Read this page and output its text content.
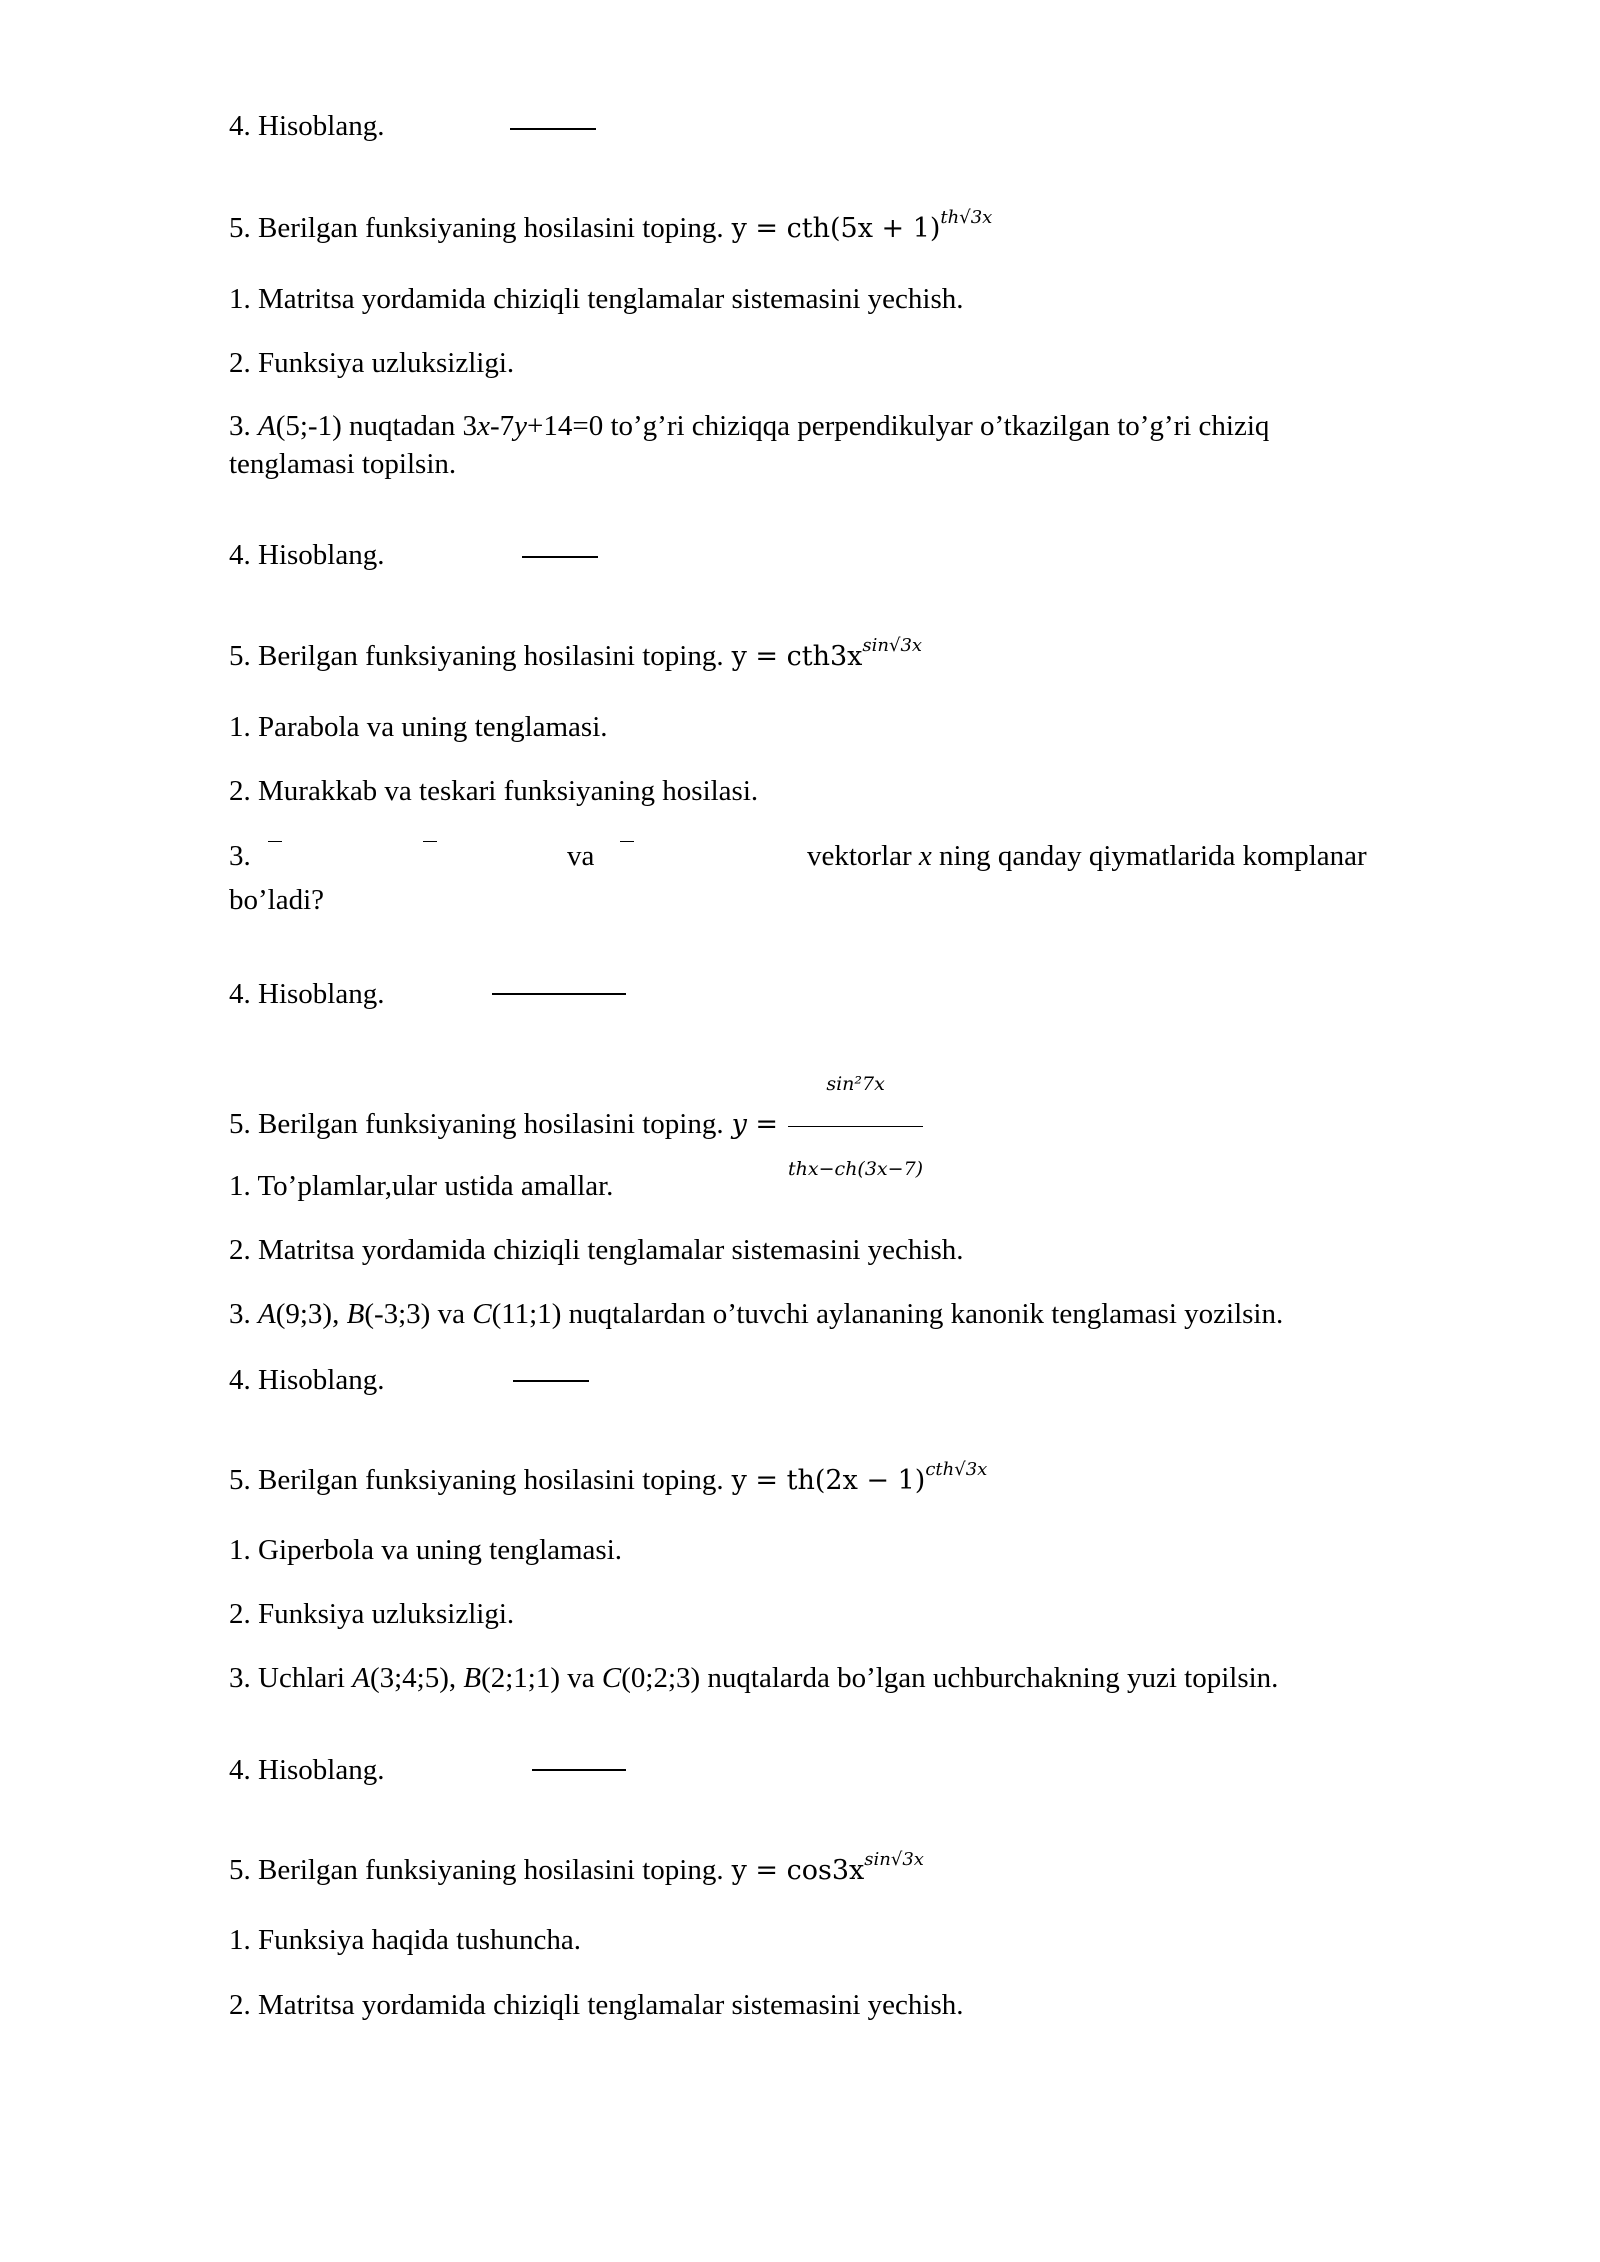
4. Hisoblang.
5. Berilgan funksiyaning hosilasini toping. $y = cth(5x + 1)^{th√3x}$
1. Matritsa yordamida chiziqli tenglamalar sistemasini yechish.
2. Funksiya uzluksizligi.
3. A(5;-1) nuqtadan 3x-7y+14=0 to’g’ri chiziqqa perpendikulyar o’tkazilgan to’g’ri chiziq
tenglamasi topilsin.
4. Hisoblang.
5. Berilgan funksiyaning hosilasini toping. $y = cth3x^{sin√3x}$
1. Parabola va uning tenglamasi.
2. Murakkab va teskari funksiyaning hosilasi.
3.	va	vektorlar x ning qanday qiymatlarida komplanar
bo’ladi?
4. Hisoblang.
5. Berilgan funksiyaning hosilasini toping. $y = \frac{\text{sin²7x}}{\text{thx−ch(3x−7)}}$
1. To’plamlar,ular ustida amallar.
2. Matritsa yordamida chiziqli tenglamalar sistemasini yechish.
3. A(9;3), B(-3;3) va C(11;1) nuqtalardan o’tuvchi aylananing kanonik tenglamasi yozilsin.
4. Hisoblang.
5. Berilgan funksiyaning hosilasini toping. $y = th(2x - 1)^{cth√3x}$
1. Giperbola va uning tenglamasi.
2. Funksiya uzluksizligi.
3. Uchlari A(3;4;5), B(2;1;1) va C(0;2;3) nuqtalarda bo’lgan uchburchakning yuzi topilsin.
4. Hisoblang.
5. Berilgan funksiyaning hosilasini toping. $y = \cos 3x^{sin√3x}$
1. Funksiya haqida tushuncha.
2. Matritsa yordamida chiziqli tenglamalar sistemasini yechish.
